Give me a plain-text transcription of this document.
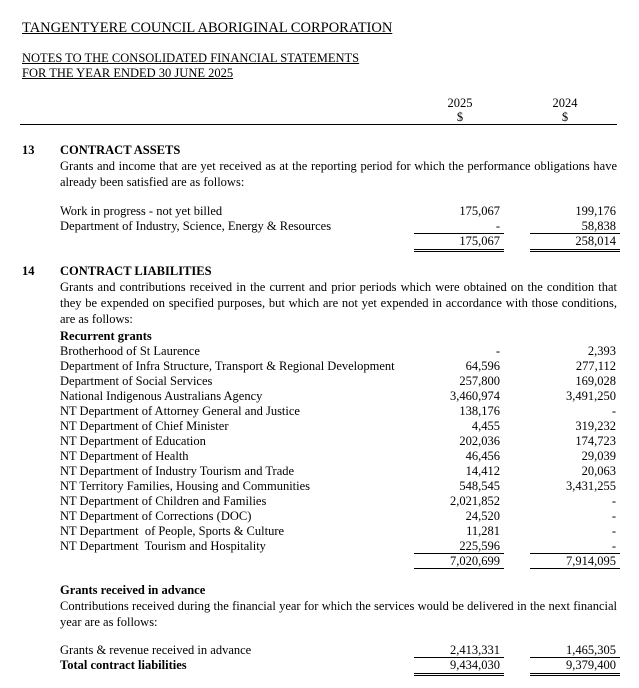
TANGENTYERE COUNCIL ABORIGINAL CORPORATION
NOTES TO THE CONSOLIDATED FINANCIAL STATEMENTS
FOR THE YEAR ENDED 30 JUNE 2025
2025	2024
$	$
13 CONTRACT ASSETS
Grants and income that are yet received as at the reporting period for which the performance obligations have already been satisfied are as follows:
Work in progress - not yet billed	175,067	199,176
Department of Industry, Science, Energy & Resources	-	58,838
175,067	258,014
14 CONTRACT LIABILITIES
Grants and contributions received in the current and prior periods which were obtained on the condition that they be expended on specified purposes, but which are not yet expended in accordance with those conditions, are as follows:
Recurrent grants
Brotherhood of St Laurence	-	2,393
Department of Infra Structure, Transport & Regional Development	64,596	277,112
Department of Social Services	257,800	169,028
National Indigenous Australians Agency	3,460,974	3,491,250
NT Department of Attorney General and Justice	138,176	-
NT Department of Chief Minister	4,455	319,232
NT Department of Education	202,036	174,723
NT Department of Health	46,456	29,039
NT Department of Industry Tourism and Trade	14,412	20,063
NT Territory Families, Housing and Communities	548,545	3,431,255
NT Department of Children and Families	2,021,852	-
NT Department of Corrections (DOC)	24,520	-
NT Department  of People, Sports & Culture	11,281	-
NT Department  Tourism and Hospitality	225,596	-
7,020,699	7,914,095
Grants received in advance
Contributions received during the financial year for which the services would be delivered in the next financial year are as follows:
Grants & revenue received in advance	2,413,331	1,465,305
Total contract liabilities	9,434,030	9,379,400
